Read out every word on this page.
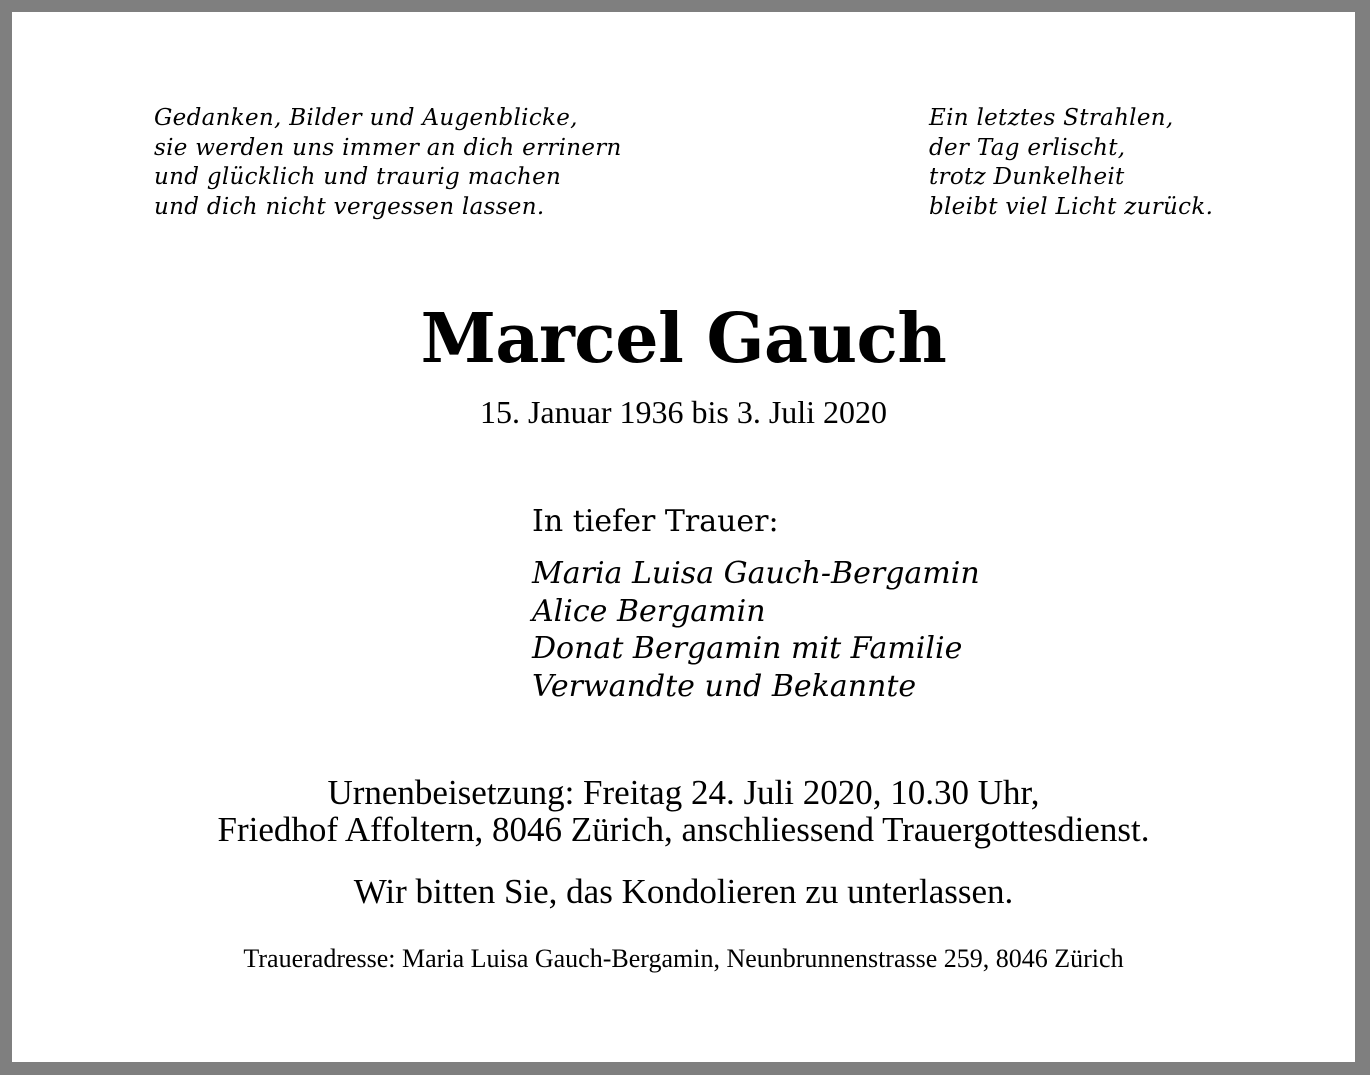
Gedanken, Bilder und Augenblicke,
sie werden uns immer an dich errinern
und glücklich und traurig machen
und dich nicht vergessen lassen.
Ein letztes Strahlen,
der Tag erlischt,
trotz Dunkelheit
bleibt viel Licht zurück.
Marcel Gauch
15. Januar 1936 bis 3. Juli 2020
In tiefer Trauer:
Maria Luisa Gauch-Bergamin
Alice Bergamin
Donat Bergamin mit Familie
Verwandte und Bekannte
Urnenbeisetzung: Freitag 24. Juli 2020, 10.30 Uhr,
Friedhof Affoltern, 8046 Zürich, anschliessend Trauergottesdienst.
Wir bitten Sie, das Kondolieren zu unterlassen.
Traueradresse: Maria Luisa Gauch-Bergamin, Neunbrunnenstrasse 259, 8046 Zürich
